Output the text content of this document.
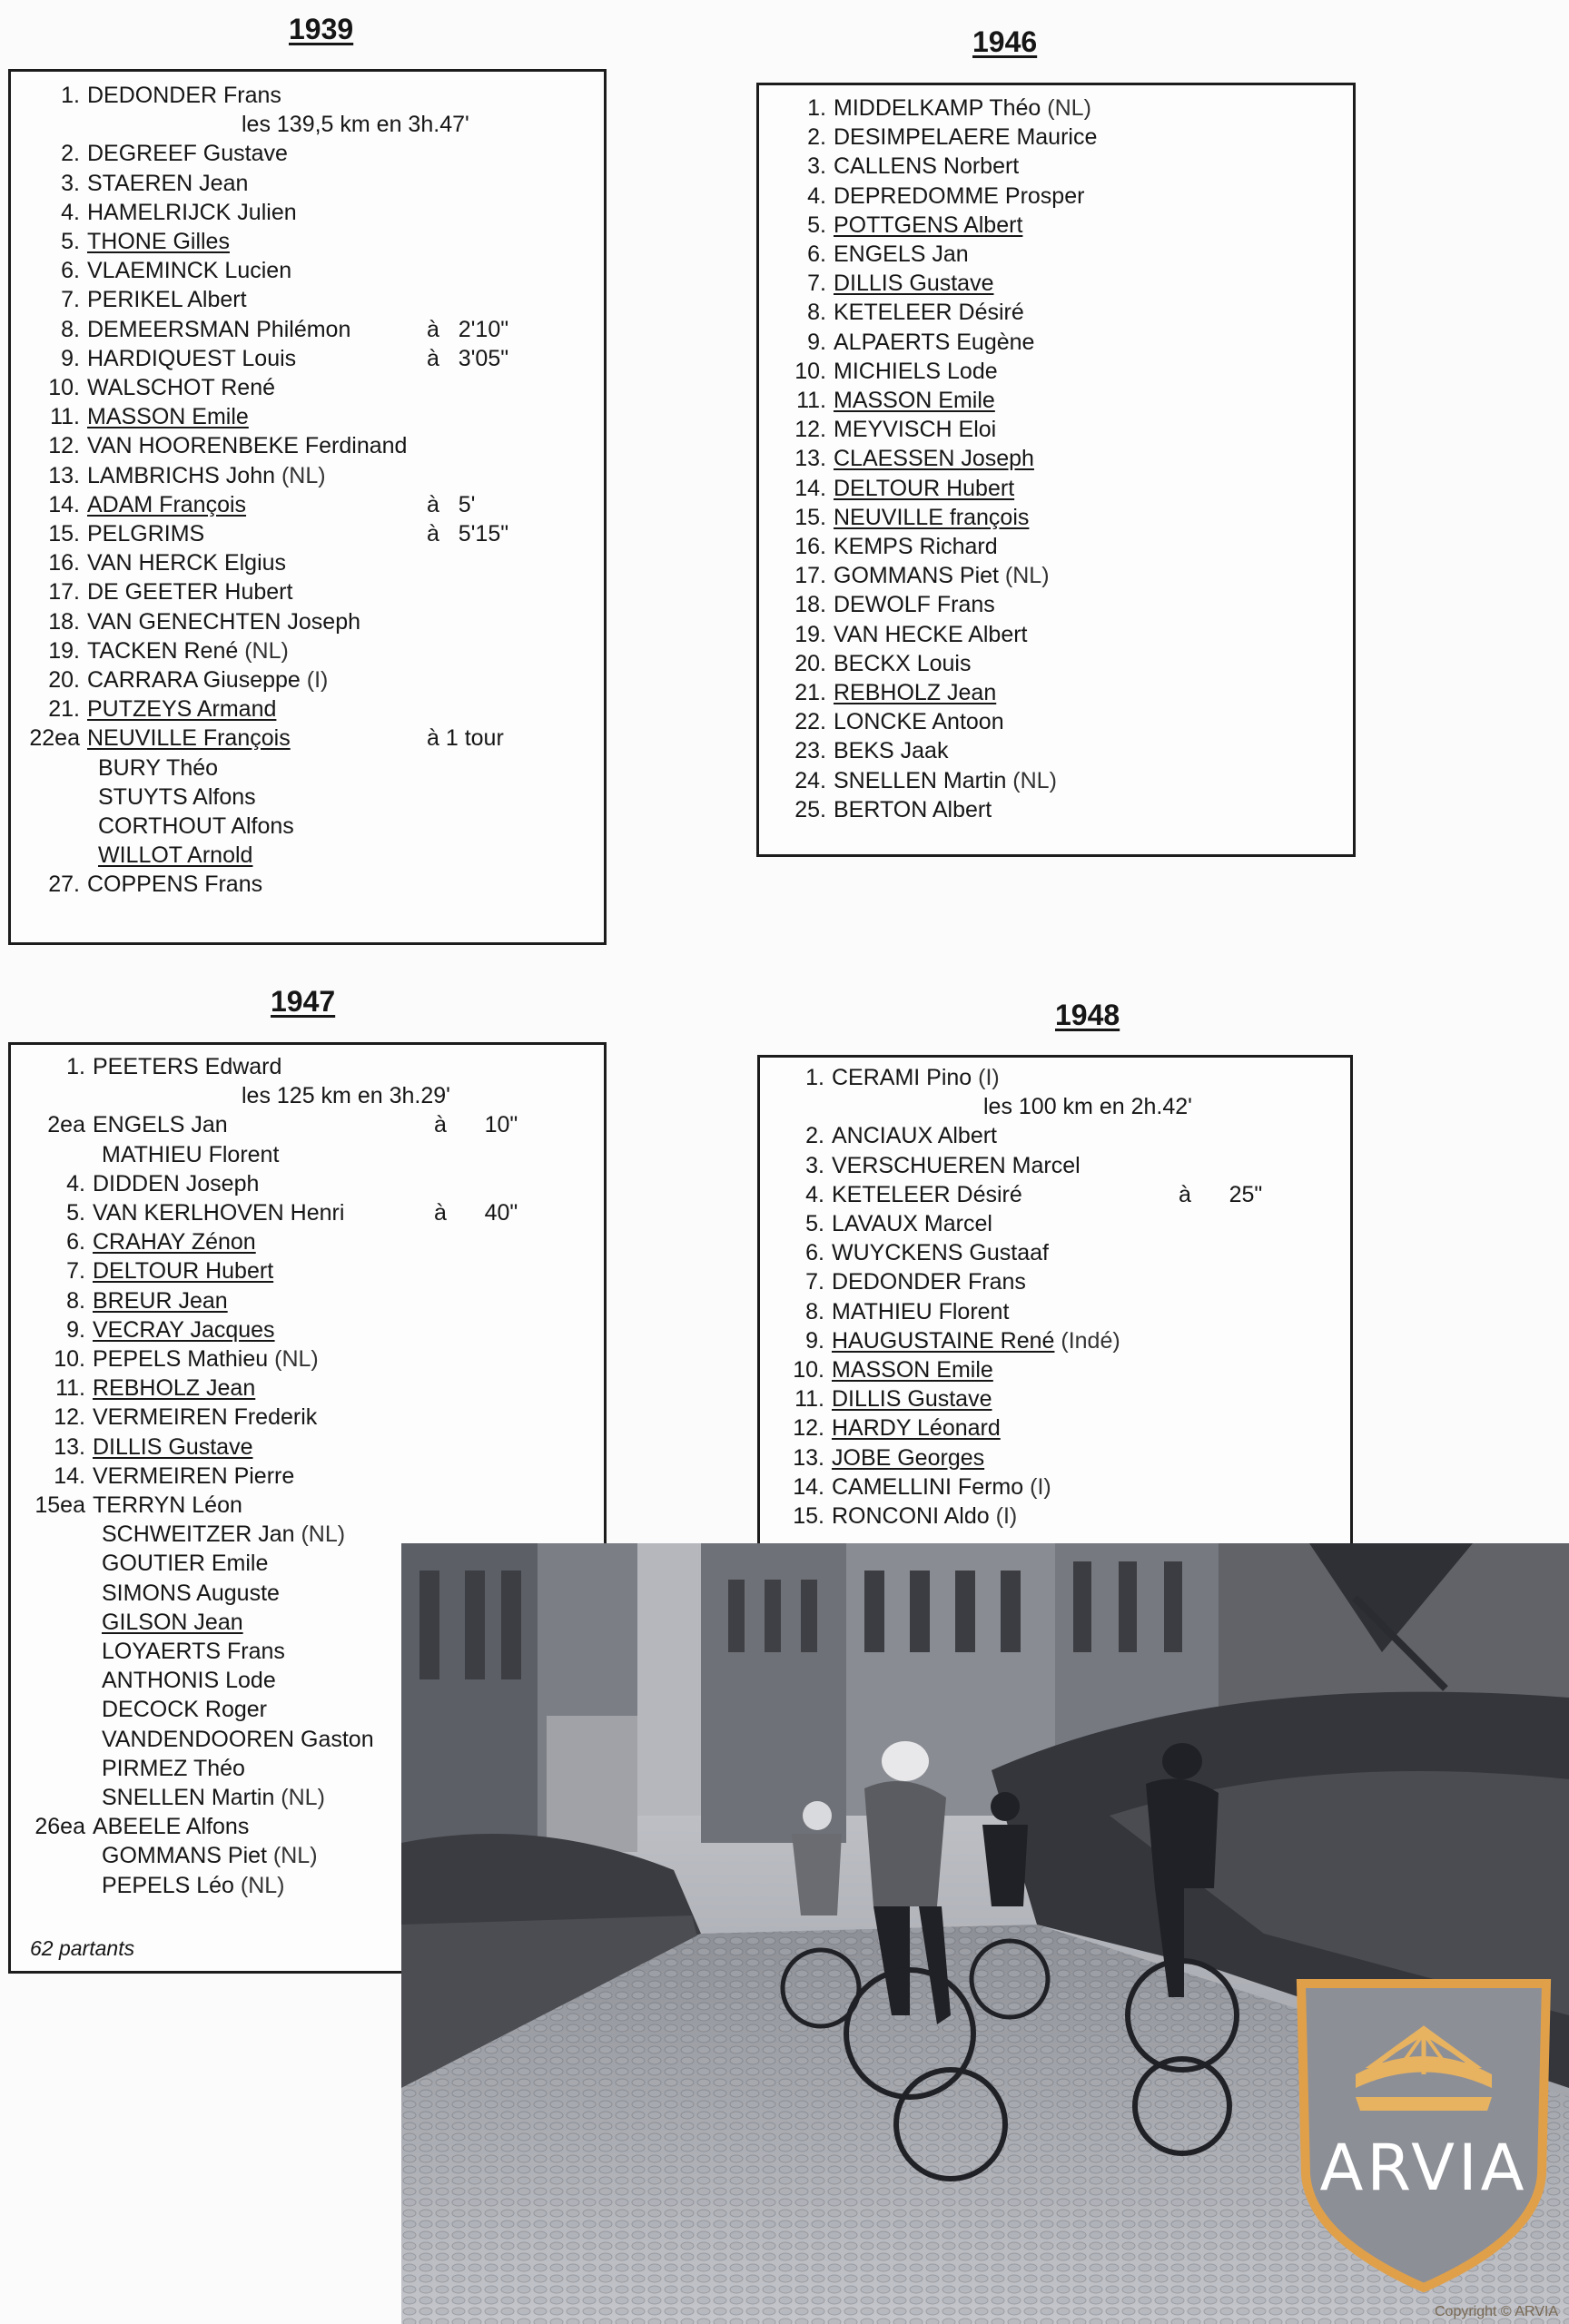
1939
1. DEDONDER Frans
les 139,5 km en 3h.47'
2. DEGREEF Gustave
3. STAEREN Jean
4. HAMELRIJCK Julien
5. THONE Gilles
6. VLAEMINCK Lucien
7. PERIKEL Albert
8. DEMEERSMAN Philémon	à   2'10"
9. HARDIQUEST Louis	à   3'05"
10. WALSCHOT René
11. MASSON Emile
12. VAN HOORENBEKE Ferdinand
13. LAMBRICHS John (NL)
14. ADAM François	à   5'
15. PELGRIMS	à   5'15"
16. VAN HERCK Elgius
17. DE GEETER Hubert
18. VAN GENECHTEN Joseph
19. TACKEN René (NL)
20. CARRARA Giuseppe (I)
21. PUTZEYS Armand
22ea NEUVILLE François	à 1 tour
BURY Théo
STUYTS Alfons
CORTHOUT Alfons
WILLOT Arnold
27. COPPENS Frans
1946
1. MIDDELKAMP Théo (NL)
2. DESIMPELAERE Maurice
3. CALLENS Norbert
4. DEPREDOMME Prosper
5. POTTGENS Albert
6. ENGELS Jan
7. DILLIS Gustave
8. KETELEER Désiré
9. ALPAERTS Eugène
10. MICHIELS Lode
11. MASSON Emile
12. MEYVISCH Eloi
13. CLAESSEN Joseph
14. DELTOUR Hubert
15. NEUVILLE françois
16. KEMPS Richard
17. GOMMANS Piet (NL)
18. DEWOLF Frans
19. VAN HECKE Albert
20. BECKX Louis
21. REBHOLZ Jean
22. LONCKE Antoon
23. BEKS Jaak
24. SNELLEN Martin (NL)
25. BERTON Albert
1947
1. PEETERS Edward
les 125 km en 3h.29'
2ea ENGELS Jan	à      10"
MATHIEU Florent
4. DIDDEN Joseph
5. VAN KERLHOVEN Henri	à      40"
6. CRAHAY Zénon
7. DELTOUR Hubert
8. BREUR Jean
9. VECRAY Jacques
10. PEPELS Mathieu (NL)
11. REBHOLZ Jean
12. VERMEIREN Frederik
13. DILLIS Gustave
14. VERMEIREN Pierre
15ea TERRYN Léon
SCHWEITZER Jan (NL)
GOUTIER Emile
SIMONS Auguste
GILSON Jean
LOYAERTS Frans
ANTHONIS Lode
DECOCK Roger
VANDENDOOREN Gaston
PIRMEZ Théo
SNELLEN Martin (NL)
26ea ABEELE Alfons
GOMMANS Piet (NL)
PEPELS Léo (NL)
62 partants
1948
1. CERAMI Pino (I)
les 100 km en 2h.42'
2. ANCIAUX Albert
3. VERSCHUEREN Marcel
4. KETELEER Désiré	à      25"
5. LAVAUX Marcel
6. WUYCKENS Gustaaf
7. DEDONDER Frans
8. MATHIEU Florent
9. HAUGUSTAINE René (Indé)
10. MASSON Emile
11. DILLIS Gustave
12. HARDY Léonard
13. JOBE Georges
14. CAMELLINI Fermo (I)
15. RONCONI Aldo (I)
ARVIA
Copyright © ARVIA
